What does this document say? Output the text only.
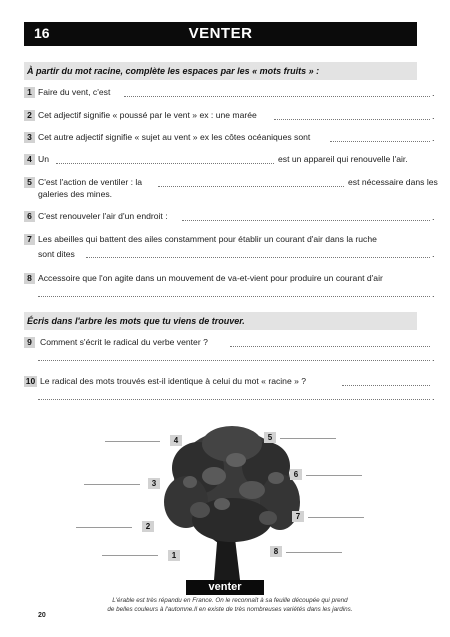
16	VENTER
À partir du mot racine, complète les espaces par les « mots fruits » :
1 Faire du vent, c'est	.
2 Cet adjectif signifie « poussé par le vent » ex : une marée	.
3 Cet autre adjectif signifie « sujet au vent » ex les côtes océaniques sont	.
4 Un	est un appareil qui renouvelle l'air.
5 C'est l'action de ventiler : la	est nécessaire dans les
galeries des mines.
6 C'est renouveler l'air d'un endroit :	.
7 Les abeilles qui battent des ailes constamment pour établir un courant d'air dans la ruche
sont dites	.
8 Accessoire que l'on agite dans un mouvement de va-et-vient pour produire un courant d'air
.
Écris dans l'arbre les mots que tu viens de trouver.
9 Comment s'écrit le radical du verbe venter ?
.
10 Le radical des mots trouvés est-il identique à celui du mot « racine » ?
.
1
2
3
4	5
6
7
8
venter
L'érable est très répandu en France. On le reconnaît à sa feuille découpée qui prend
de belles couleurs à l'automne.Il en existe de très nombreuses variétés dans les jardins.
20
